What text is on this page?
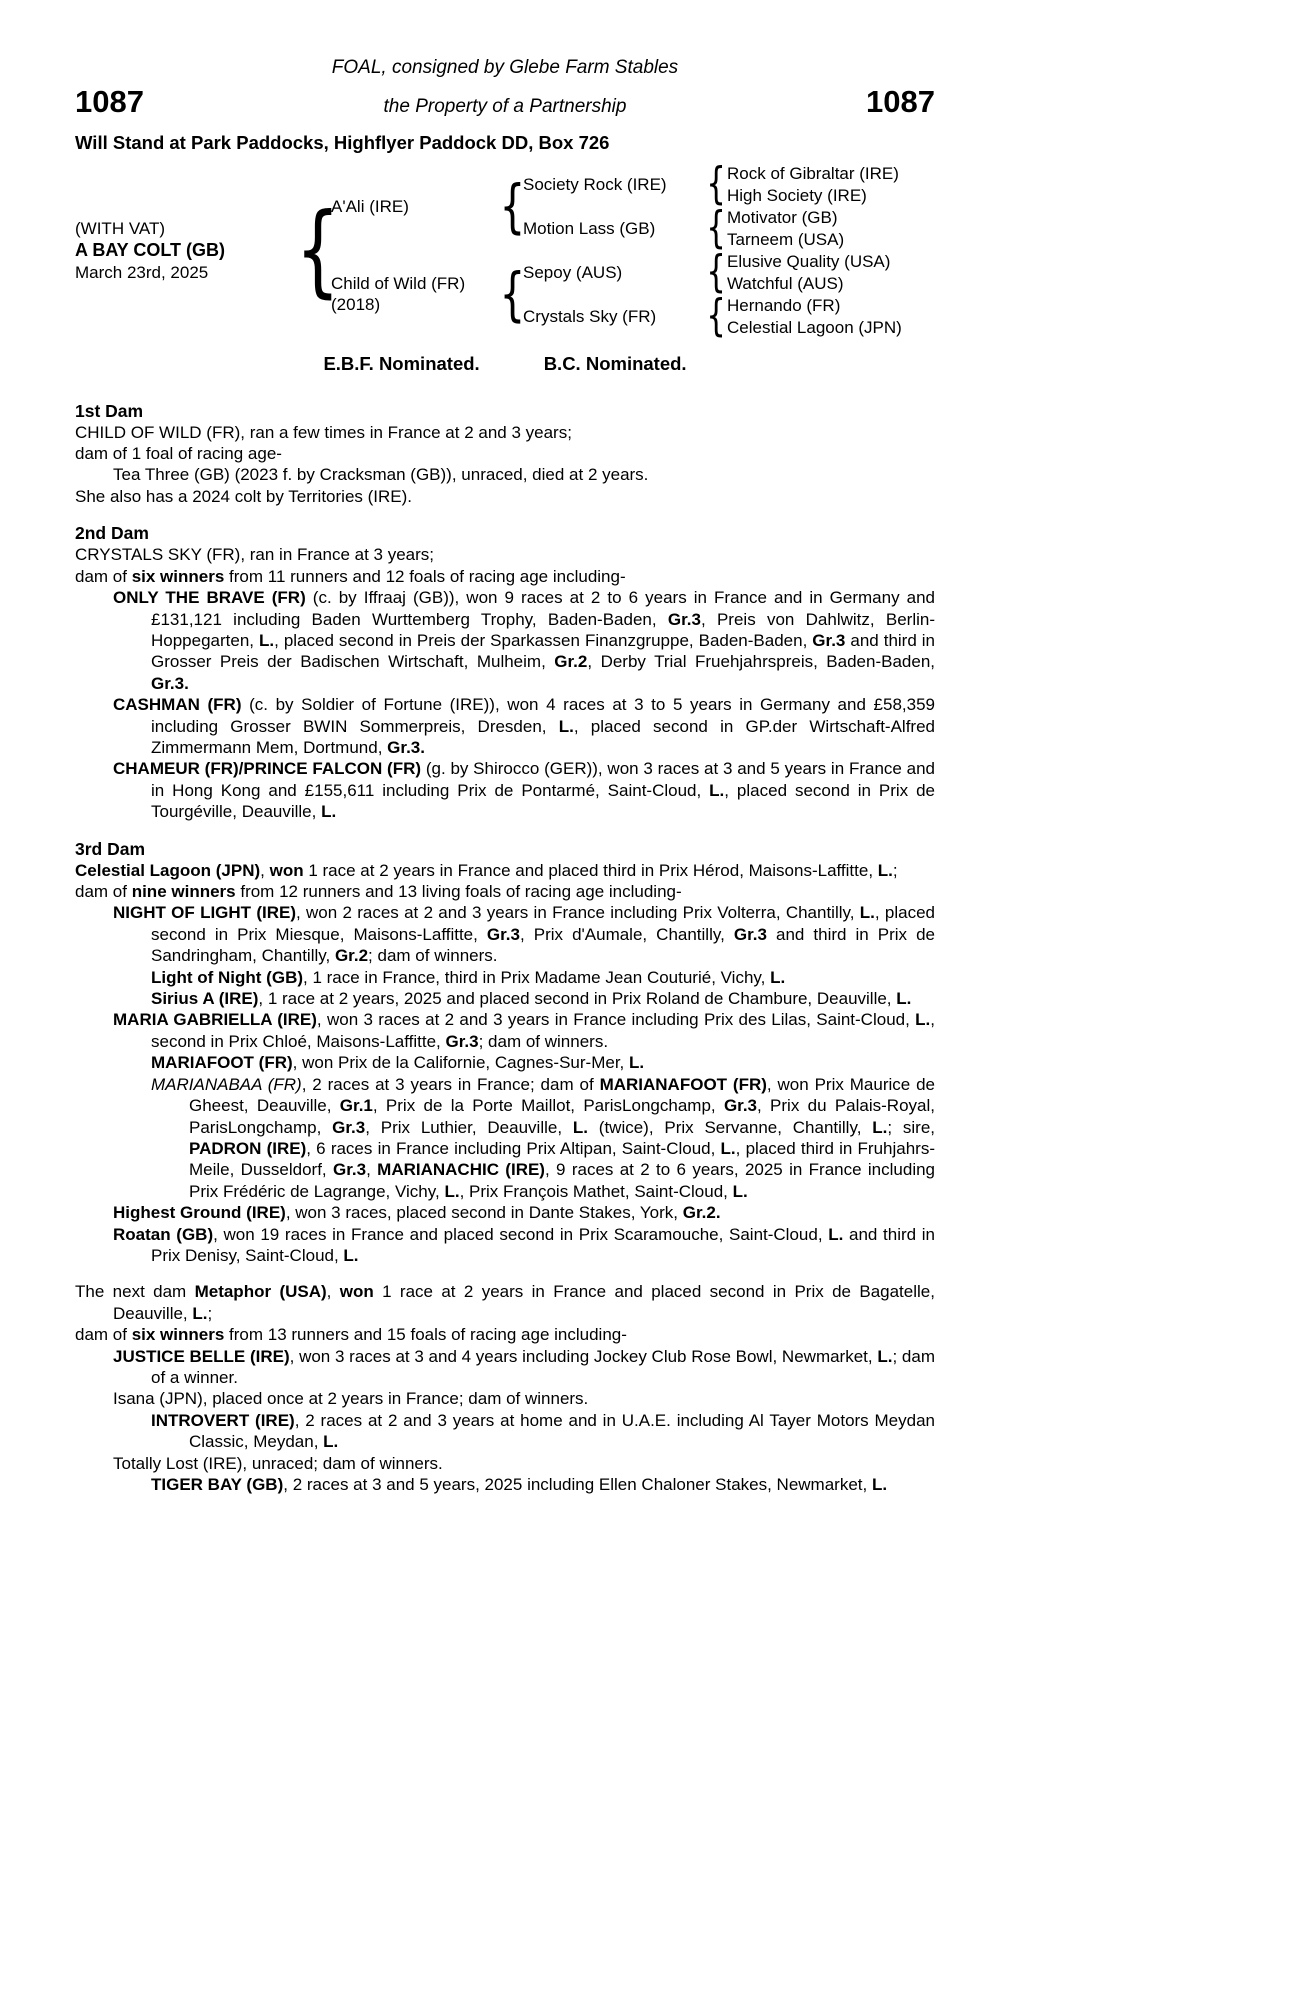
FOAL, consigned by Glebe Farm Stables
1087	the Property of a Partnership	1087
Will Stand at Park Paddocks, Highflyer Paddock DD, Box 726
(WITH VAT)
A BAY COLT (GB)
March 23rd, 2025 {
A'Ali (IRE)
Child of Wild (FR)
(2018)
{
{
Society Rock (IRE)
Motion Lass (GB)
Sepoy (AUS)
Crystals Sky (FR)
{
{
{
{
Rock of Gibraltar (IRE)
High Society (IRE)
Motivator (GB)
Tarneem (USA)
Elusive Quality (USA)
Watchful (AUS)
Hernando (FR)
Celestial Lagoon (JPN)
E.B.F. Nominated.	B.C. Nominated.
1st Dam
CHILD OF WILD (FR), ran a few times in France at 2 and 3 years;
dam of 1 foal of racing age-
Tea Three (GB) (2023 f. by Cracksman (GB)), unraced, died at 2 years.
She also has a 2024 colt by Territories (IRE).
2nd Dam
CRYSTALS SKY (FR), ran in France at 3 years;
dam of six winners from 11 runners and 12 foals of racing age including-
ONLY THE BRAVE (FR) (c. by Iffraaj (GB)), won 9 races at 2 to 6 years in France and in Germany and £131,121 including Baden Wurttemberg Trophy, Baden-Baden, Gr.3, Preis von Dahlwitz, Berlin-Hoppegarten, L., placed second in Preis der Sparkassen Finanzgruppe, Baden-Baden, Gr.3 and third in Grosser Preis der Badischen Wirtschaft, Mulheim, Gr.2, Derby Trial Fruehjahrspreis, Baden-Baden, Gr.3.
CASHMAN (FR) (c. by Soldier of Fortune (IRE)), won 4 races at 3 to 5 years in Germany and £58,359 including Grosser BWIN Sommerpreis, Dresden, L., placed second in GP.der Wirtschaft-Alfred Zimmermann Mem, Dortmund, Gr.3.
CHAMEUR (FR)/PRINCE FALCON (FR) (g. by Shirocco (GER)), won 3 races at 3 and 5 years in France and in Hong Kong and £155,611 including Prix de Pontarmé, Saint-Cloud, L., placed second in Prix de Tourgéville, Deauville, L.
3rd Dam
Celestial Lagoon (JPN), won 1 race at 2 years in France and placed third in Prix Hérod, Maisons-Laffitte, L.;
dam of nine winners from 12 runners and 13 living foals of racing age including-
NIGHT OF LIGHT (IRE), won 2 races at 2 and 3 years in France including Prix Volterra, Chantilly, L., placed second in Prix Miesque, Maisons-Laffitte, Gr.3, Prix d'Aumale, Chantilly, Gr.3 and third in Prix de Sandringham, Chantilly, Gr.2; dam of winners.
Light of Night (GB), 1 race in France, third in Prix Madame Jean Couturié, Vichy, L.
Sirius A (IRE), 1 race at 2 years, 2025 and placed second in Prix Roland de Chambure, Deauville, L.
MARIA GABRIELLA (IRE), won 3 races at 2 and 3 years in France including Prix des Lilas, Saint-Cloud, L., second in Prix Chloé, Maisons-Laffitte, Gr.3; dam of winners.
MARIAFOOT (FR), won Prix de la Californie, Cagnes-Sur-Mer, L.
MARIANABAA (FR), 2 races at 3 years in France; dam of MARIANAFOOT (FR), won Prix Maurice de Gheest, Deauville, Gr.1, Prix de la Porte Maillot, ParisLongchamp, Gr.3, Prix du Palais-Royal, ParisLongchamp, Gr.3, Prix Luthier, Deauville, L. (twice), Prix Servanne, Chantilly, L.; sire, PADRON (IRE), 6 races in France including Prix Altipan, Saint-Cloud, L., placed third in Fruhjahrs-Meile, Dusseldorf, Gr.3, MARIANACHIC (IRE), 9 races at 2 to 6 years, 2025 in France including Prix Frédéric de Lagrange, Vichy, L., Prix François Mathet, Saint-Cloud, L.
Highest Ground (IRE), won 3 races, placed second in Dante Stakes, York, Gr.2.
Roatan (GB), won 19 races in France and placed second in Prix Scaramouche, Saint-Cloud, L. and third in Prix Denisy, Saint-Cloud, L.
The next dam Metaphor (USA), won 1 race at 2 years in France and placed second in Prix de Bagatelle, Deauville, L.;
dam of six winners from 13 runners and 15 foals of racing age including-
JUSTICE BELLE (IRE), won 3 races at 3 and 4 years including Jockey Club Rose Bowl, Newmarket, L.; dam of a winner.
Isana (JPN), placed once at 2 years in France; dam of winners.
INTROVERT (IRE), 2 races at 2 and 3 years at home and in U.A.E. including Al Tayer Motors Meydan Classic, Meydan, L.
Totally Lost (IRE), unraced; dam of winners.
TIGER BAY (GB), 2 races at 3 and 5 years, 2025 including Ellen Chaloner Stakes, Newmarket, L.
